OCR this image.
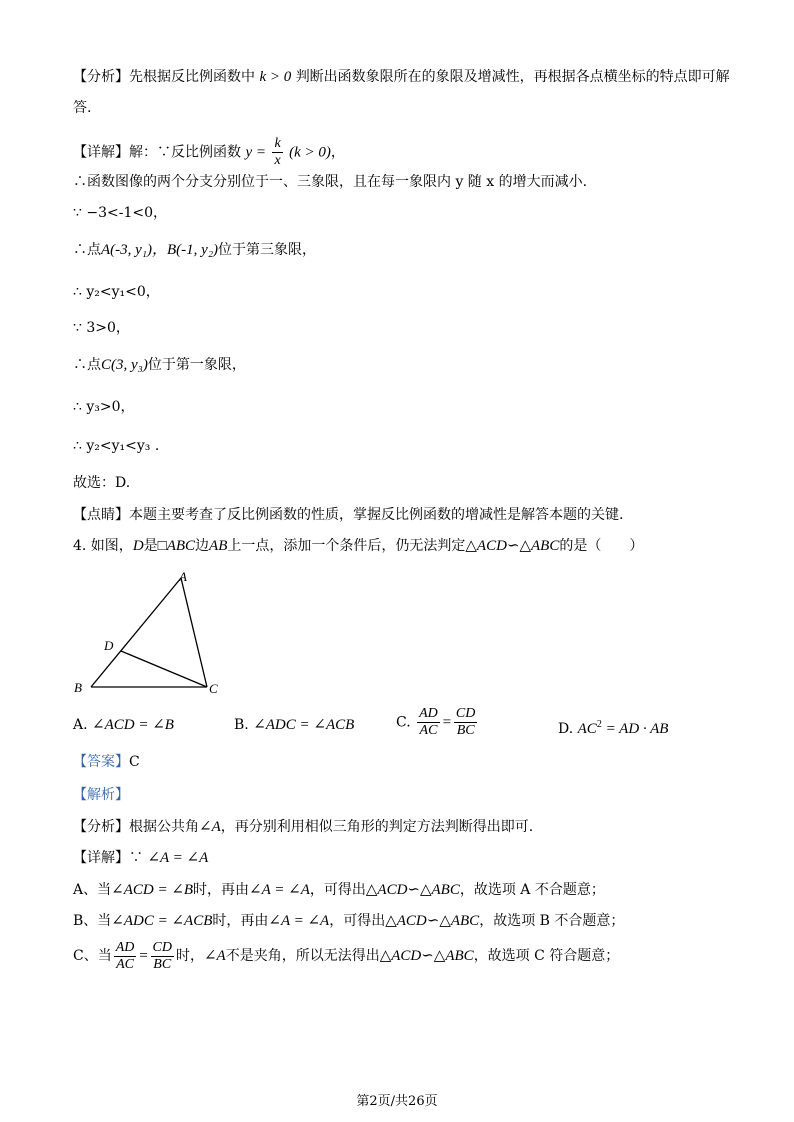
【分析】先根据反比例函数中 k > 0 判断出函数象限所在的象限及增减性，再根据各点横坐标的特点即可解
答.
【详解】解：∵反比例函数 $y = \frac{k}{x} (k > 0)$，
∴函数图像的两个分支分别位于一、三象限，且在每一象限内 y 随 x 的增大而减小.
∵ −3<-1<0，
∴点A(-3, y₁)，B(-1, y₂)位于第三象限，
∴ y₂<y₁<0，
∵ 3>0，
∴点C(3, y₃)位于第一象限，
∴ y₃>0，
∴ y₂<y₁<y₃ .
故选：D.
【点睛】本题主要考查了反比例函数的性质，掌握反比例函数的增减性是解答本题的关键.
4. 如图，D是□ABC边AB上一点，添加一个条件后，仍无法判定△ACD∽△ABC的是（　　）
A
B	C
D
A. ∠ACD = ∠B	B. ∠ADC = ∠ACB	C. $\frac{AD}{AC} = \frac{CD}{BC}$	D. $AC^2$ = AD · AB
【答案】C
【解析】
【分析】根据公共角∠A，再分别利用相似三角形的判定方法判断得出即可.
【详解】∵ ∠A = ∠A
A、当∠ACD = ∠B时，再由∠A = ∠A，可得出△ACD∽△ABC，故选项 A 不合题意；
B、当∠ADC = ∠ACB时，再由∠A = ∠A，可得出△ACD∽△ABC，故选项 B 不合题意；
C、当 $\frac{AD}{AC} = \frac{CD}{BC}$ 时，∠A不是夹角，所以无法得出△ACD∽△ABC，故选项 C 符合题意；
第2页/共26页
